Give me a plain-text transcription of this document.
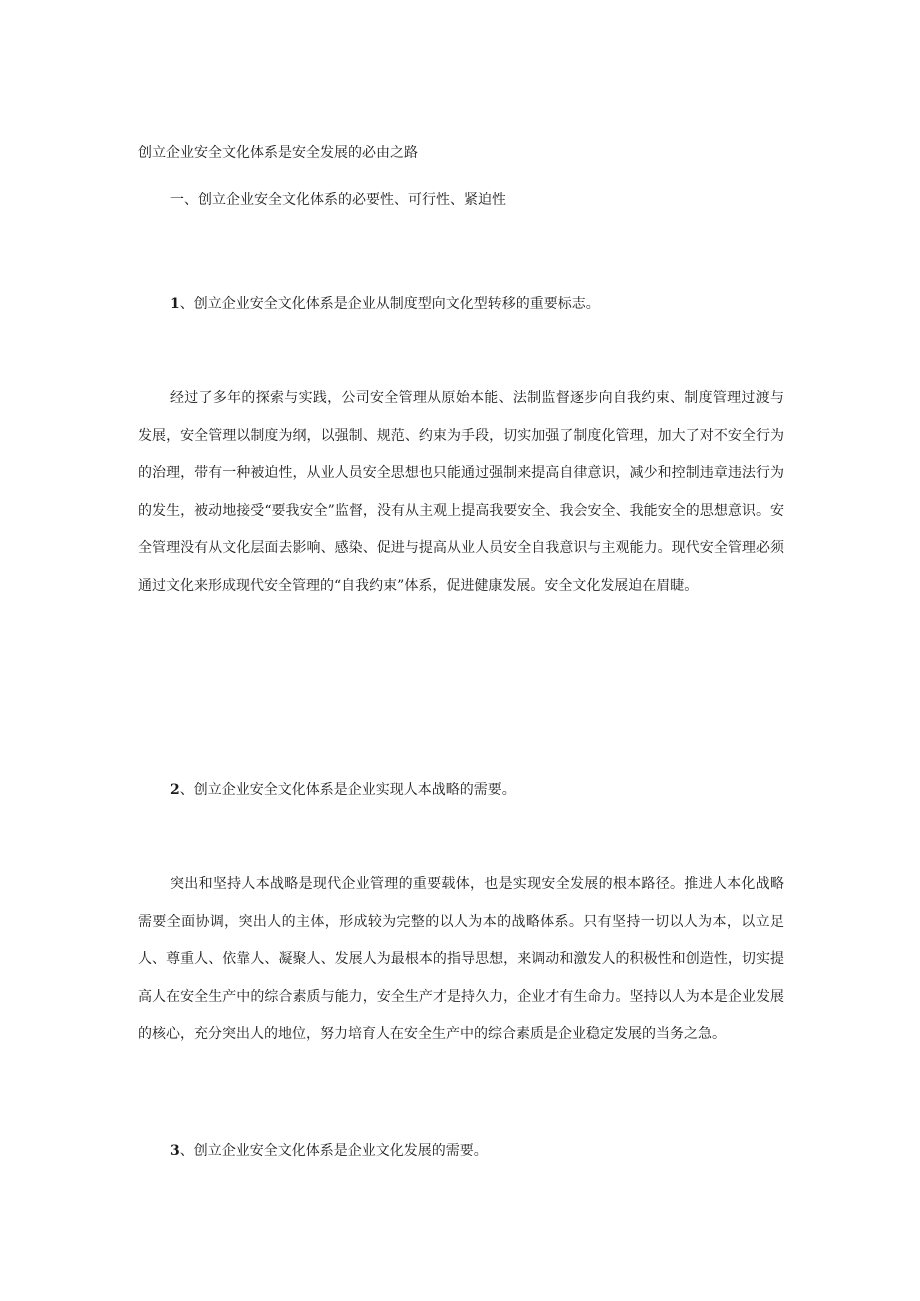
创立企业安全文化体系是安全发展的必由之路
一、创立企业安全文化体系的必要性、可行性、紧迫性
1、创立企业安全文化体系是企业从制度型向文化型转移的重要标志。

经过了多年的探索与实践，公司安全管理从原始本能、法制监督逐步向自我约束、制度管理过渡与发展，安全管理以制度为纲，以强制、规范、约束为手段，切实加强了制度化管理，加大了对不安全行为的治理，带有一种被迫性，从业人员安全思想也只能通过强制来提高自律意识，减少和控制违章违法行为的发生，被动地接受“要我安全”监督，没有从主观上提高我要安全、我会安全、我能安全的思想意识。安全管理没有从文化层面去影响、感染、促进与提高从业人员安全自我意识与主观能力。现代安全管理必须通过文化来形成现代安全管理的“自我约束”体系，促进健康发展。安全文化发展迫在眉睫。

2、创立企业安全文化体系是企业实现人本战略的需要。

突出和坚持人本战略是现代企业管理的重要载体，也是实现安全发展的根本路径。推进人本化战略需要全面协调，突出人的主体，形成较为完整的以人为本的战略体系。只有坚持一切以人为本，以立足人、尊重人、依靠人、凝聚人、发展人为最根本的指导思想，来调动和激发人的积极性和创造性，切实提高人在安全生产中的综合素质与能力，安全生产才是持久力，企业才有生命力。坚持以人为本是企业发展的核心，充分突出人的地位，努力培育人在安全生产中的综合素质是企业稳定发展的当务之急。

3、创立企业安全文化体系是企业文化发展的需要。
